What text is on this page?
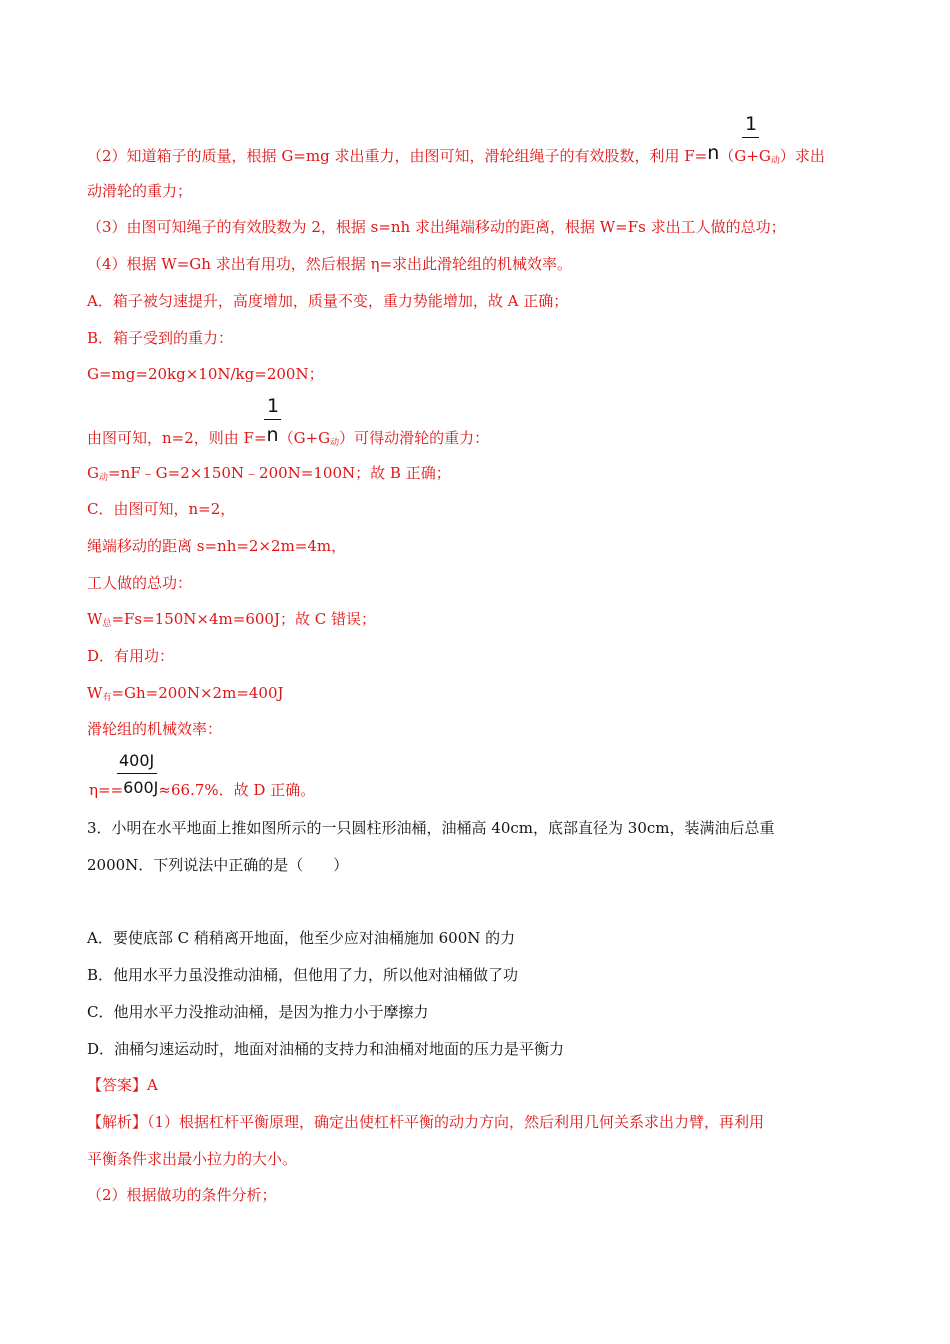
1
（2）知道箱子的质量，根据 G=mg 求出重力，由图可知，滑轮组绳子的有效股数，利用 $F=n(G+G_动)$求出
动滑轮的重力；
（3）由图可知绳子的有效股数为 2，根据 s=nh 求出绳端移动的距离，根据 W=Fs 求出工人做的总功；
（4）根据 W=Gh 求出有用功，然后根据 η=求出此滑轮组的机械效率。
A．箱子被匀速提升，高度增加，质量不变，重力势能增加，故 A 正确；
B．箱子受到的重力：
G=mg=20kg×10N/kg=200N；
1
由图可知，n=2，则由 $F=n(G+G_动)$可得动滑轮的重力：
$G_动=nF﹣G=2\times 150N﹣200N=100N$；故 B 正确；
C．由图可知，n=2，
绳端移动的距离 s=nh=2×2m=4m，
工人做的总功：
$W_总=Fs=150N\times 4m=600J$；故 C 错误；
D．有用功：
$W_有=Gh=200N\times 2m=400J$
滑轮组的机械效率：
400J
η==600J≈66.7%．故 D 正确。
3．小明在水平地面上推如图所示的一只圆柱形油桶，油桶高 40cm，底部直径为 30cm，装满油后总重
2000N．下列说法中正确的是（　　）
A．要使底部 C 稍稍离开地面，他至少应对油桶施加 600N 的力
B．他用水平力虽没推动油桶，但他用了力，所以他对油桶做了功
C．他用水平力没推动油桶，是因为推力小于摩擦力
D．油桶匀速运动时，地面对油桶的支持力和油桶对地面的压力是平衡力
【答案】A
【解析】（1）根据杠杆平衡原理，确定出使杠杆平衡的动力方向，然后利用几何关系求出力臂，再利用
平衡条件求出最小拉力的大小。
（2）根据做功的条件分析；
